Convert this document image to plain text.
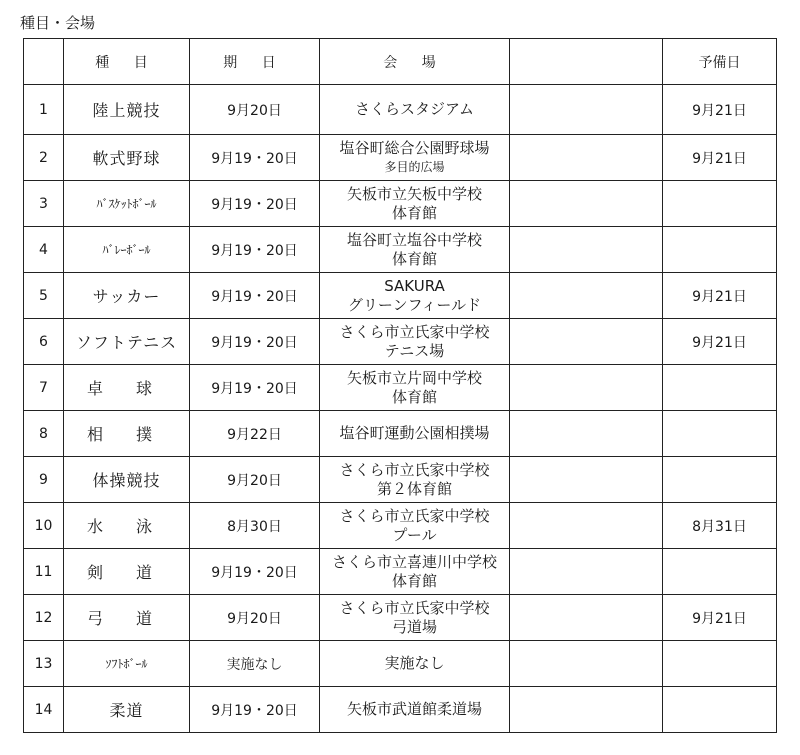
種目・会場
	種 目	期 日	会 場		予備日
1	陸上競技	9月20日	さくらスタジアム		9月21日
2	軟式野球	9月19・20日	塩谷町総合公園野球場
多目的広場		9月21日
3	ﾊﾞｽｹｯﾄﾎﾞｰﾙ	9月19・20日	矢板市立矢板中学校
体育館		

4	ﾊﾞﾚｰﾎﾞｰﾙ	9月19・20日	塩谷町立塩谷中学校
体育館		

5	サッカー	9月19・20日	SAKURA
グリーンフィールド		9月21日
6	ソフトテニス	9月19・20日	さくら市立氏家中学校
テニス場		9月21日
7	卓 球	9月19・20日	矢板市立片岡中学校
体育館		

8	相 撲	9月22日	塩谷町運動公園相撲場		

9	体操競技	9月20日	さくら市立氏家中学校
第２体育館		

10	水 泳	8月30日	さくら市立氏家中学校
プール		8月31日
11	剣 道	9月19・20日	さくら市立喜連川中学校
体育館		

12	弓 道	9月20日	さくら市立氏家中学校
弓道場		9月21日
13	ｿﾌﾄﾎﾞｰﾙ	実施なし	実施なし		

14	柔道	9月19・20日	矢板市武道館柔道場		
